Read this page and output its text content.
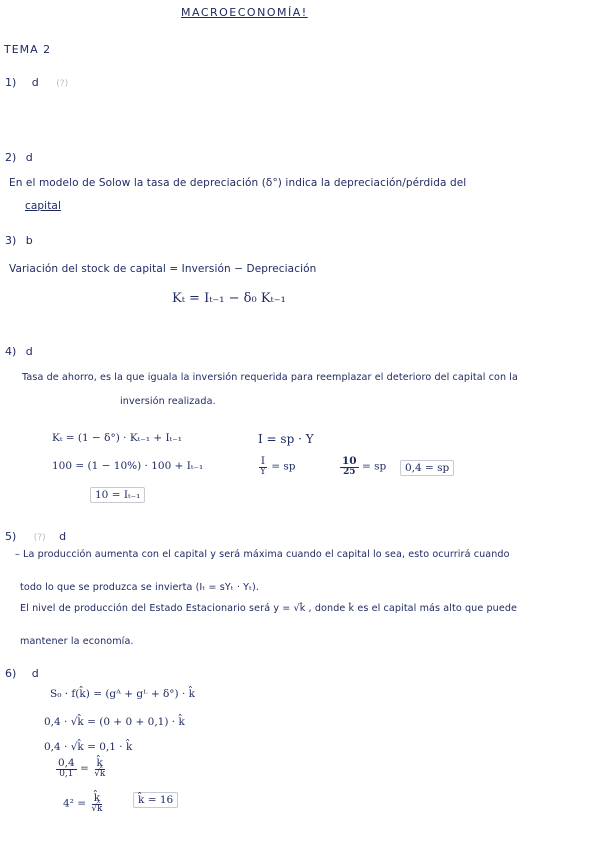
MACROECONOMÍA!
TEMA 2
1) d (?)
2) d
En el modelo de Solow la tasa de depreciación (δ°) indica la depreciación/pérdida del
capital
3) b
Variación del stock de capital = Inversión − Depreciación
Kₜ = Iₜ₋₁ − δ₀ Kₜ₋₁
4) d
Tasa de ahorro, es la que iguala la inversión requerida para reemplazar el deterioro del capital con la
inversión realizada.
Kₜ = (1 − δ°) · Kₜ₋₁ + Iₜ₋₁
100 = (1 − 10%) · 100 + Iₜ₋₁
10 = Iₜ₋₁
I = sp · Y
$\frac{I}{Y}$ = sp	$\frac{10}{25}$ = sp	0,4 = sp
5) (?) d
– La producción aumenta con el capital y será máxima cuando el capital lo sea, esto ocurrirá cuando
todo lo que se produzca se invierta (Iₜ = sYₜ · Yₜ).
El nivel de producción del Estado Estacionario será y = √k̂ , donde k̂ es el capital más alto que puede
mantener la economía.
6) d
S₀ · f(k̂) = (gᴬ + gᴸ + δ°) · k̂
0,4 · √k̂ = (0 + 0 + 0,1) · k̂
0,4 · √k̂ = 0,1 · k̂
$\frac{0,4}{0,1} = \frac{k̂}{√k̂}$
$4^2 = \frac{k̂}{√k̂}$	k̂ = 16
